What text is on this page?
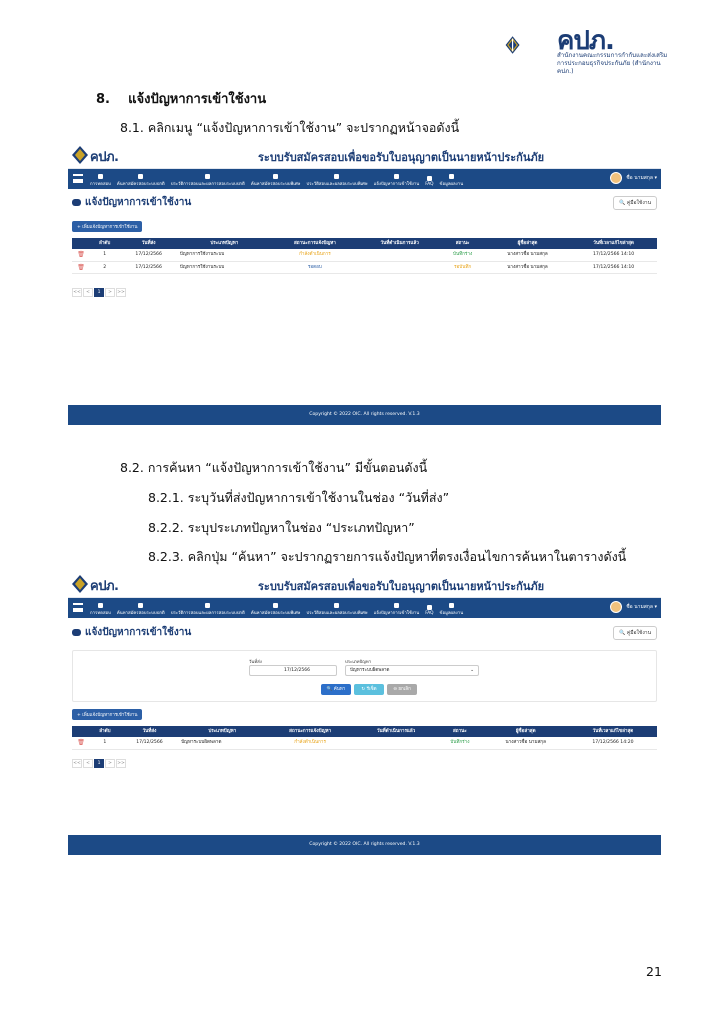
คปภ.
สำนักงานคณะกรรมการกำกับและส่งเสริมการประกอบธุรกิจประกันภัย (สำนักงาน คปภ.)
8. แจ้งปัญหาการเข้าใช้งาน
8.1. คลิกเมนู “แจ้งปัญหาการเข้าใช้งาน” จะปรากฏหน้าจอดังนี้
คปภ.	ระบบรับสมัครสอบเพื่อขอรับใบอนุญาตเป็นนายหน้าประกันภัย
การทดสอบ ค้นหาสมัครสอบระบบปกติ ประวัติการสอบและผลการสอบระบบปกติ ค้นหาสมัครสอบระบบพิเศษ ประวัติสอบและผลสอบระบบพิเศษ แจ้งปัญหาการเข้าใช้งาน FAQ ข้อมูลผลงาน
ชื่อ นามสกุล ▾
แจ้งปัญหาการเข้าใช้งาน	🔍 คู่มือใช้งาน
+ เพิ่มแจ้งปัญหาการเข้าใช้งาน
	ลำดับ	วันที่ส่ง	ประเภทปัญหา	สถานะการแจ้งปัญหา	วันที่ดำเนินการแล้ว	สถานะ	ผู้ชื่อล่าสุด	วันที่เวลาแก้ไขล่าสุด
🗑	1	17/12/2566	ปัญหาการใช้งานระบบ	กำลังดำเนินการ		บันทึกร่าง	นางสาวชื่อ นามสกุล	17/12/2566 14:10
🗑	2	17/12/2566	ปัญหาการใช้งานระบบ	รอตอบ		รอบันทึก	นางสาวชื่อ นามสกุล	17/12/2566 14:10
<<	<	1	>	>>
Copyright © 2022 OIC. All rights reserved. V.1.3
8.2. การค้นหา “แจ้งปัญหาการเข้าใช้งาน” มีขั้นตอนดังนี้
8.2.1. ระบุวันที่ส่งปัญหาการเข้าใช้งานในช่อง “วันที่ส่ง”
8.2.2. ระบุประเภทปัญหาในช่อง “ประเภทปัญหา”
8.2.3. คลิกปุ่ม “ค้นหา” จะปรากฏรายการแจ้งปัญหาที่ตรงเงื่อนไขการค้นหาในตารางดังนี้
คปภ.	ระบบรับสมัครสอบเพื่อขอรับใบอนุญาตเป็นนายหน้าประกันภัย
การทดสอบ ค้นหาสมัครสอบระบบปกติ ประวัติการสอบและผลการสอบระบบปกติ ค้นหาสมัครสอบระบบพิเศษ ประวัติสอบและผลสอบระบบพิเศษ แจ้งปัญหาการเข้าใช้งาน FAQ ข้อมูลผลงาน
ชื่อ นามสกุล ▾
แจ้งปัญหาการเข้าใช้งาน	🔍 คู่มือใช้งาน
วันที่ส่ง
17/12/2566
ประเภทปัญหา
ปัญหาระบบผิดพลาด	⌄
🔍 ค้นหา	↻ รีเซ็ต	⊖ ยกเลิก
+ เพิ่มแจ้งปัญหาการเข้าใช้งาน
	ลำดับ	วันที่ส่ง	ประเภทปัญหา	สถานะการแจ้งปัญหา	วันที่ดำเนินการแล้ว	สถานะ	ผู้ชื่อล่าสุด	วันที่เวลาแก้ไขล่าสุด
🗑	1	17/12/2566	ปัญหาระบบผิดพลาด	กำลังดำเนินการ		บันทึกร่าง	นางสาวชื่อ นามสกุล	17/12/2566 14:20
<<	<	1	>	>>
Copyright © 2022 OIC. All rights reserved. V.1.3
21
